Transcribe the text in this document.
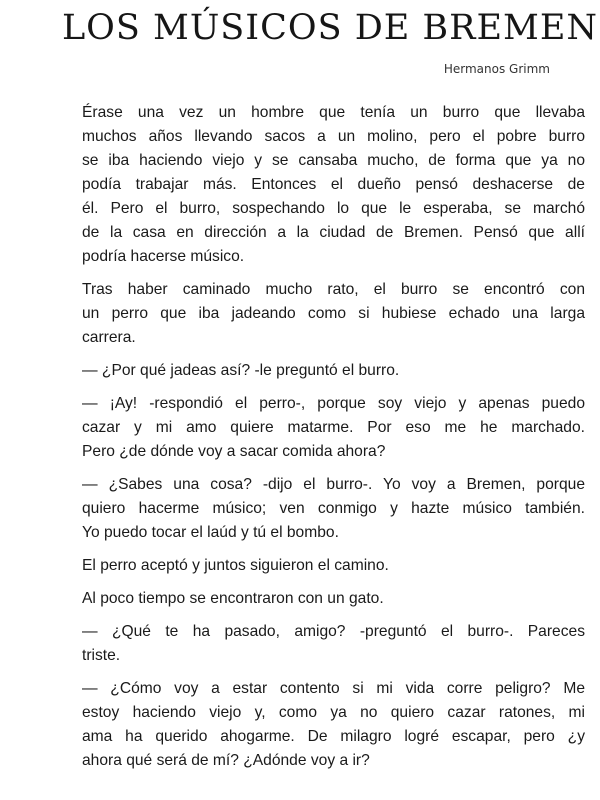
LOS MÚSICOS DE BREMEN

Hermanos Grimm

Érase una vez un hombre que tenía un burro que llevaba
muchos años llevando sacos a un molino, pero el pobre burro
se iba haciendo viejo y se cansaba mucho, de forma que ya no
podía trabajar más. Entonces el dueño pensó deshacerse de
él. Pero el burro, sospechando lo que le esperaba, se marchó
de la casa en dirección a la ciudad de Bremen. Pensó que allí
podría hacerse músico.

Tras haber caminado mucho rato, el burro se encontró con
un perro que iba jadeando como si hubiese echado una larga
carrera.

— ¿Por qué jadeas así? -le preguntó el burro.

— ¡Ay! -respondió el perro-, porque soy viejo y apenas puedo
cazar y mi amo quiere matarme. Por eso me he marchado.
Pero ¿de dónde voy a sacar comida ahora?

— ¿Sabes una cosa? -dijo el burro-. Yo voy a Bremen, porque
quiero hacerme músico; ven conmigo y hazte músico también.
Yo puedo tocar el laúd y tú el bombo.

El perro aceptó y juntos siguieron el camino.

Al poco tiempo se encontraron con un gato.

— ¿Qué te ha pasado, amigo? -preguntó el burro-. Pareces
triste.

— ¿Cómo voy a estar contento si mi vida corre peligro? Me
estoy haciendo viejo y, como ya no quiero cazar ratones, mi
ama ha querido ahogarme. De milagro logré escapar, pero ¿y
ahora qué será de mí? ¿Adónde voy a ir?
